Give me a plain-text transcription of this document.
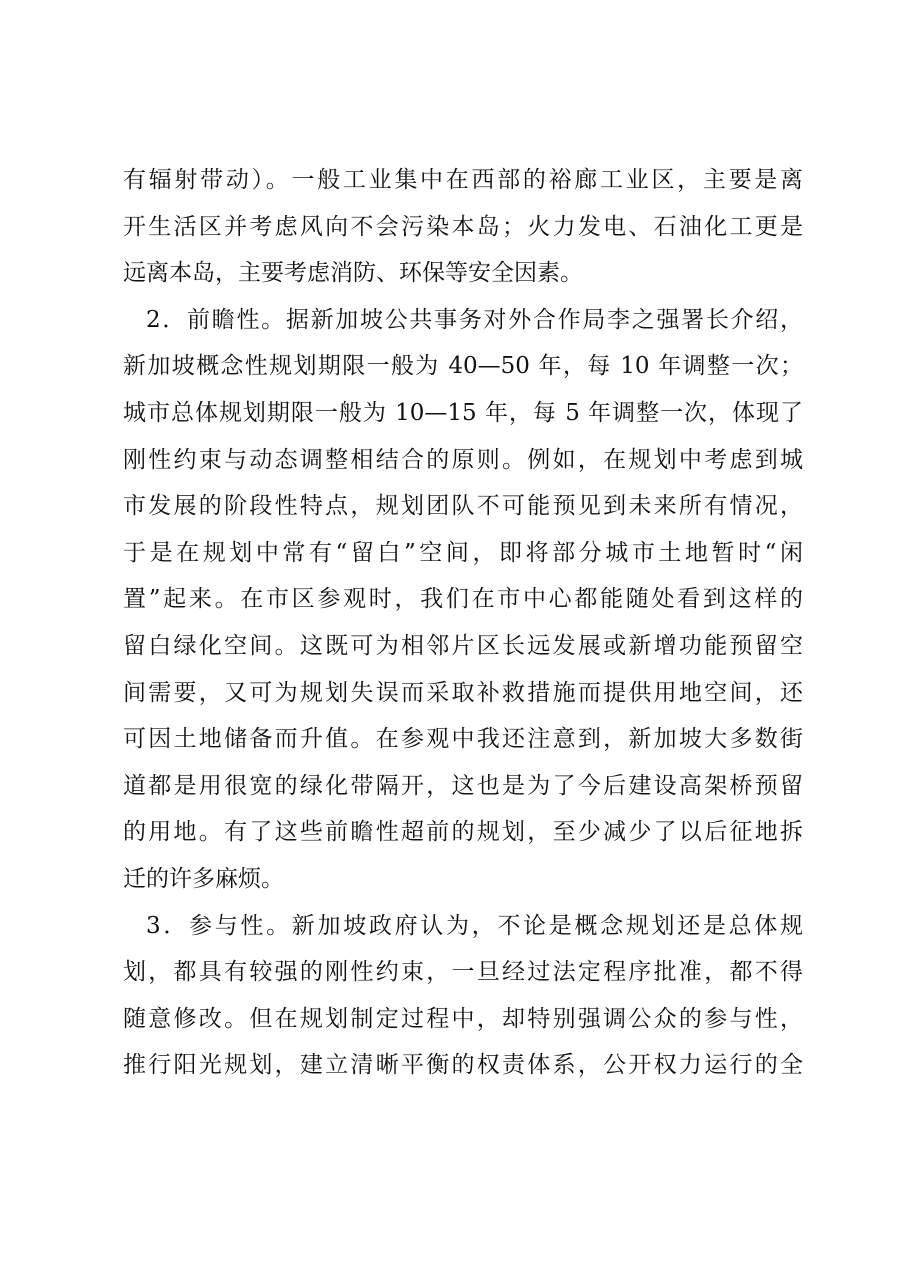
有辐射带动）。一般工业集中在西部的裕廊工业区，主要是离
开生活区并考虑风向不会污染本岛；火力发电、石油化工更是
远离本岛，主要考虑消防、环保等安全因素。
2．前瞻性。据新加坡公共事务对外合作局李之强署长介绍，
新加坡概念性规划期限一般为 40—50 年，每 10 年调整一次；
城市总体规划期限一般为 10—15 年，每 5 年调整一次，体现了
刚性约束与动态调整相结合的原则。例如，在规划中考虑到城
市发展的阶段性特点，规划团队不可能预见到未来所有情况，
于是在规划中常有“留白”空间，即将部分城市土地暂时“闲
置”起来。在市区参观时，我们在市中心都能随处看到这样的
留白绿化空间。这既可为相邻片区长远发展或新增功能预留空
间需要，又可为规划失误而采取补救措施而提供用地空间，还
可因土地储备而升值。在参观中我还注意到，新加坡大多数街
道都是用很宽的绿化带隔开，这也是为了今后建设高架桥预留
的用地。有了这些前瞻性超前的规划，至少减少了以后征地拆
迁的许多麻烦。
3．参与性。新加坡政府认为，不论是概念规划还是总体规
划，都具有较强的刚性约束，一旦经过法定程序批准，都不得
随意修改。但在规划制定过程中，却特别强调公众的参与性，
推行阳光规划，建立清晰平衡的权责体系，公开权力运行的全
